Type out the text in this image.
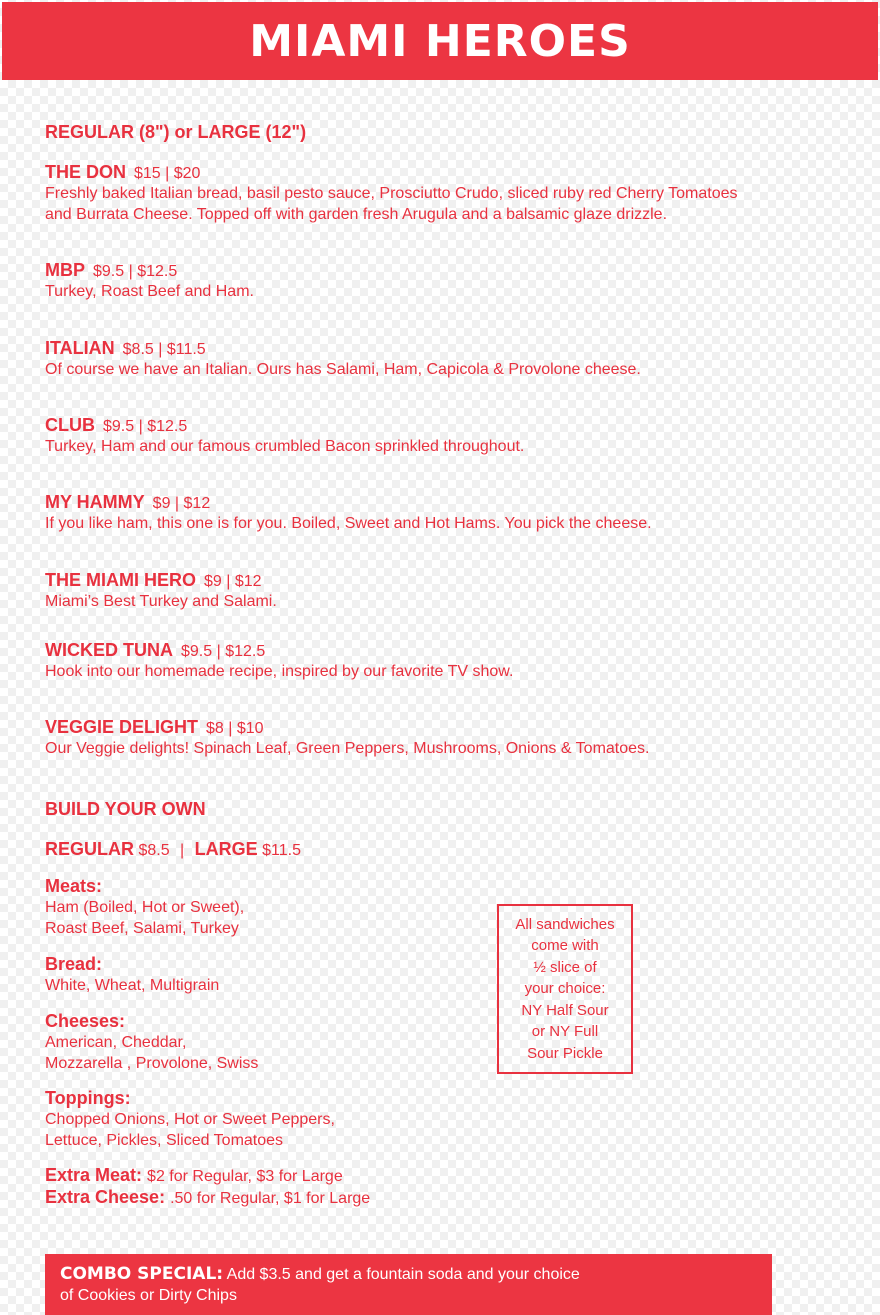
MIAMI HEROES
REGULAR (8") or LARGE (12")
THE DON $15 | $20
Freshly baked Italian bread, basil pesto sauce, Prosciutto Crudo, sliced ruby red Cherry Tomatoes
and Burrata Cheese. Topped off with garden fresh Arugula and a balsamic glaze drizzle.
MBP $9.5 | $12.5
Turkey, Roast Beef and Ham.
ITALIAN $8.5 | $11.5
Of course we have an Italian. Ours has Salami, Ham, Capicola & Provolone cheese.
CLUB $9.5 | $12.5
Turkey, Ham and our famous crumbled Bacon sprinkled throughout.
MY HAMMY $9 | $12
If you like ham, this one is for you. Boiled, Sweet and Hot Hams. You pick the cheese.
THE MIAMI HERO $9 | $12
Miami’s Best Turkey and Salami.
WICKED TUNA $9.5 | $12.5
Hook into our homemade recipe, inspired by our favorite TV show.
VEGGIE DELIGHT $8 | $10
Our Veggie delights! Spinach Leaf, Green Peppers, Mushrooms, Onions & Tomatoes.
BUILD YOUR OWN
REGULAR $8.5 | LARGE $11.5
Meats:
Ham (Boiled, Hot or Sweet),
Roast Beef, Salami, Turkey
Bread:
White, Wheat, Multigrain
Cheeses:
American, Cheddar,
Mozzarella , Provolone, Swiss
Toppings:
Chopped Onions, Hot or Sweet Peppers,
Lettuce, Pickles, Sliced Tomatoes
Extra Meat: $2 for Regular, $3 for Large
Extra Cheese: .50 for Regular, $1 for Large
All sandwiches
come with
½ slice of
your choice:
NY Half Sour
or NY Full
Sour Pickle
COMBO SPECIAL: Add $3.5 and get a fountain soda and your choice
of Cookies or Dirty Chips
